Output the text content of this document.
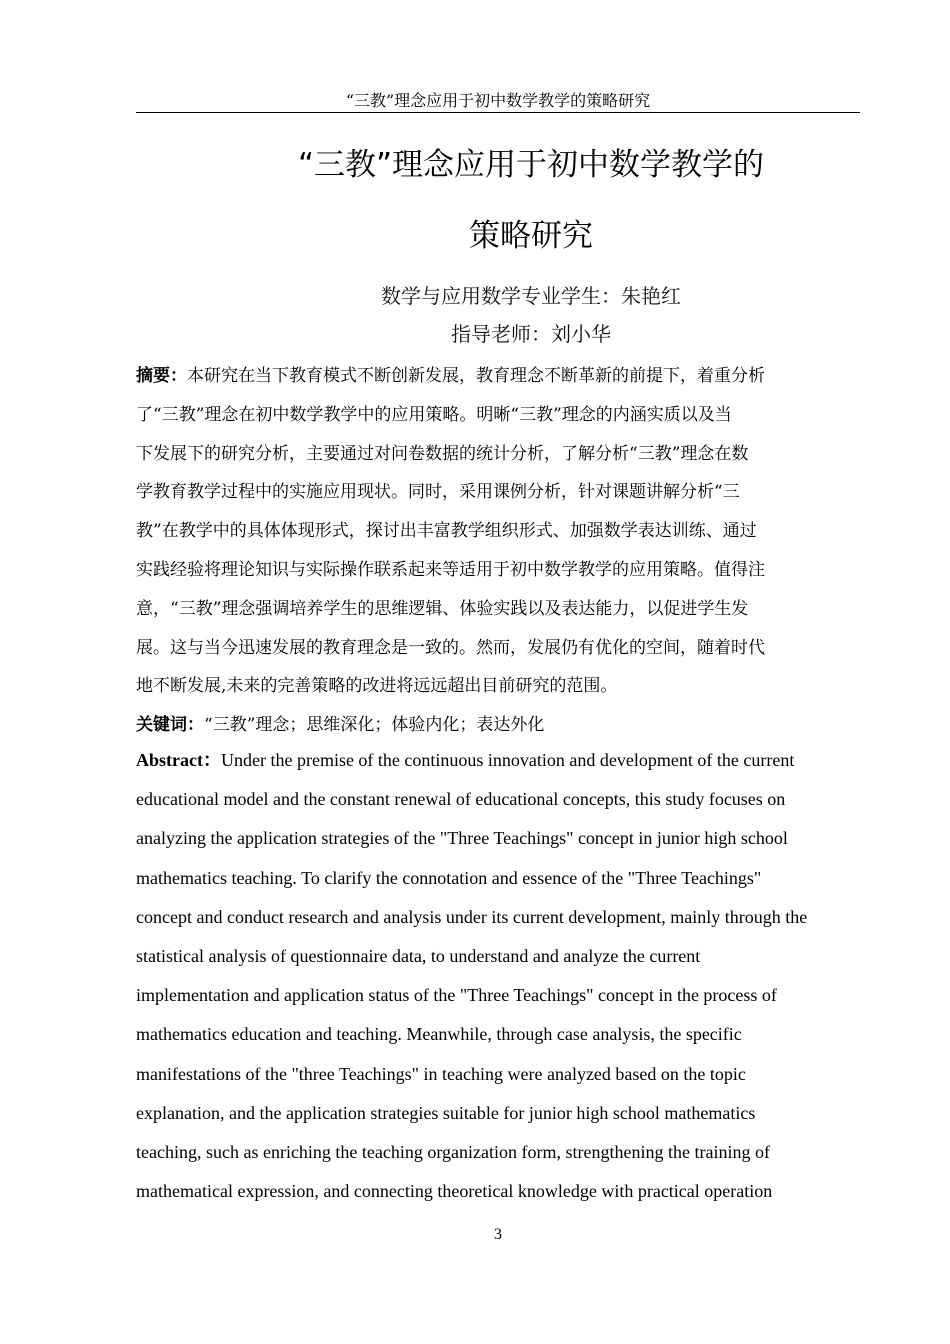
“三教”理念应用于初中数学教学的策略研究
“三教”理念应用于初中数学教学的
策略研究
数学与应用数学专业学生：朱艳红
指导老师：刘小华
摘要：本研究在当下教育模式不断创新发展，教育理念不断革新的前提下，着重分析
了“三教”理念在初中数学教学中的应用策略。明晰“三教”理念的内涵实质以及当
下发展下的研究分析，主要通过对问卷数据的统计分析，了解分析“三教”理念在数
学教育教学过程中的实施应用现状。同时，采用课例分析，针对课题讲解分析“三
教”在教学中的具体体现形式，探讨出丰富教学组织形式、加强数学表达训练、通过
实践经验将理论知识与实际操作联系起来等适用于初中数学教学的应用策略。值得注
意，“三教”理念强调培养学生的思维逻辑、体验实践以及表达能力，以促进学生发
展。这与当今迅速发展的教育理念是一致的。然而，发展仍有优化的空间，随着时代
地不断发展,未来的完善策略的改进将远远超出目前研究的范围。
关键词：“三教”理念；思维深化；体验内化；表达外化
Abstract：Under the premise of the continuous innovation and development of the current
educational model and the constant renewal of educational concepts, this study focuses on
analyzing the application strategies of the "Three Teachings" concept in junior high school
mathematics teaching. To clarify the connotation and essence of the "Three Teachings"
concept and conduct research and analysis under its current development, mainly through the
statistical analysis of questionnaire data, to understand and analyze the current
implementation and application status of the "Three Teachings" concept in the process of
mathematics education and teaching. Meanwhile, through case analysis, the specific
manifestations of the "three Teachings" in teaching were analyzed based on the topic
explanation, and the application strategies suitable for junior high school mathematics
teaching, such as enriching the teaching organization form, strengthening the training of
mathematical expression, and connecting theoretical knowledge with practical operation
3
